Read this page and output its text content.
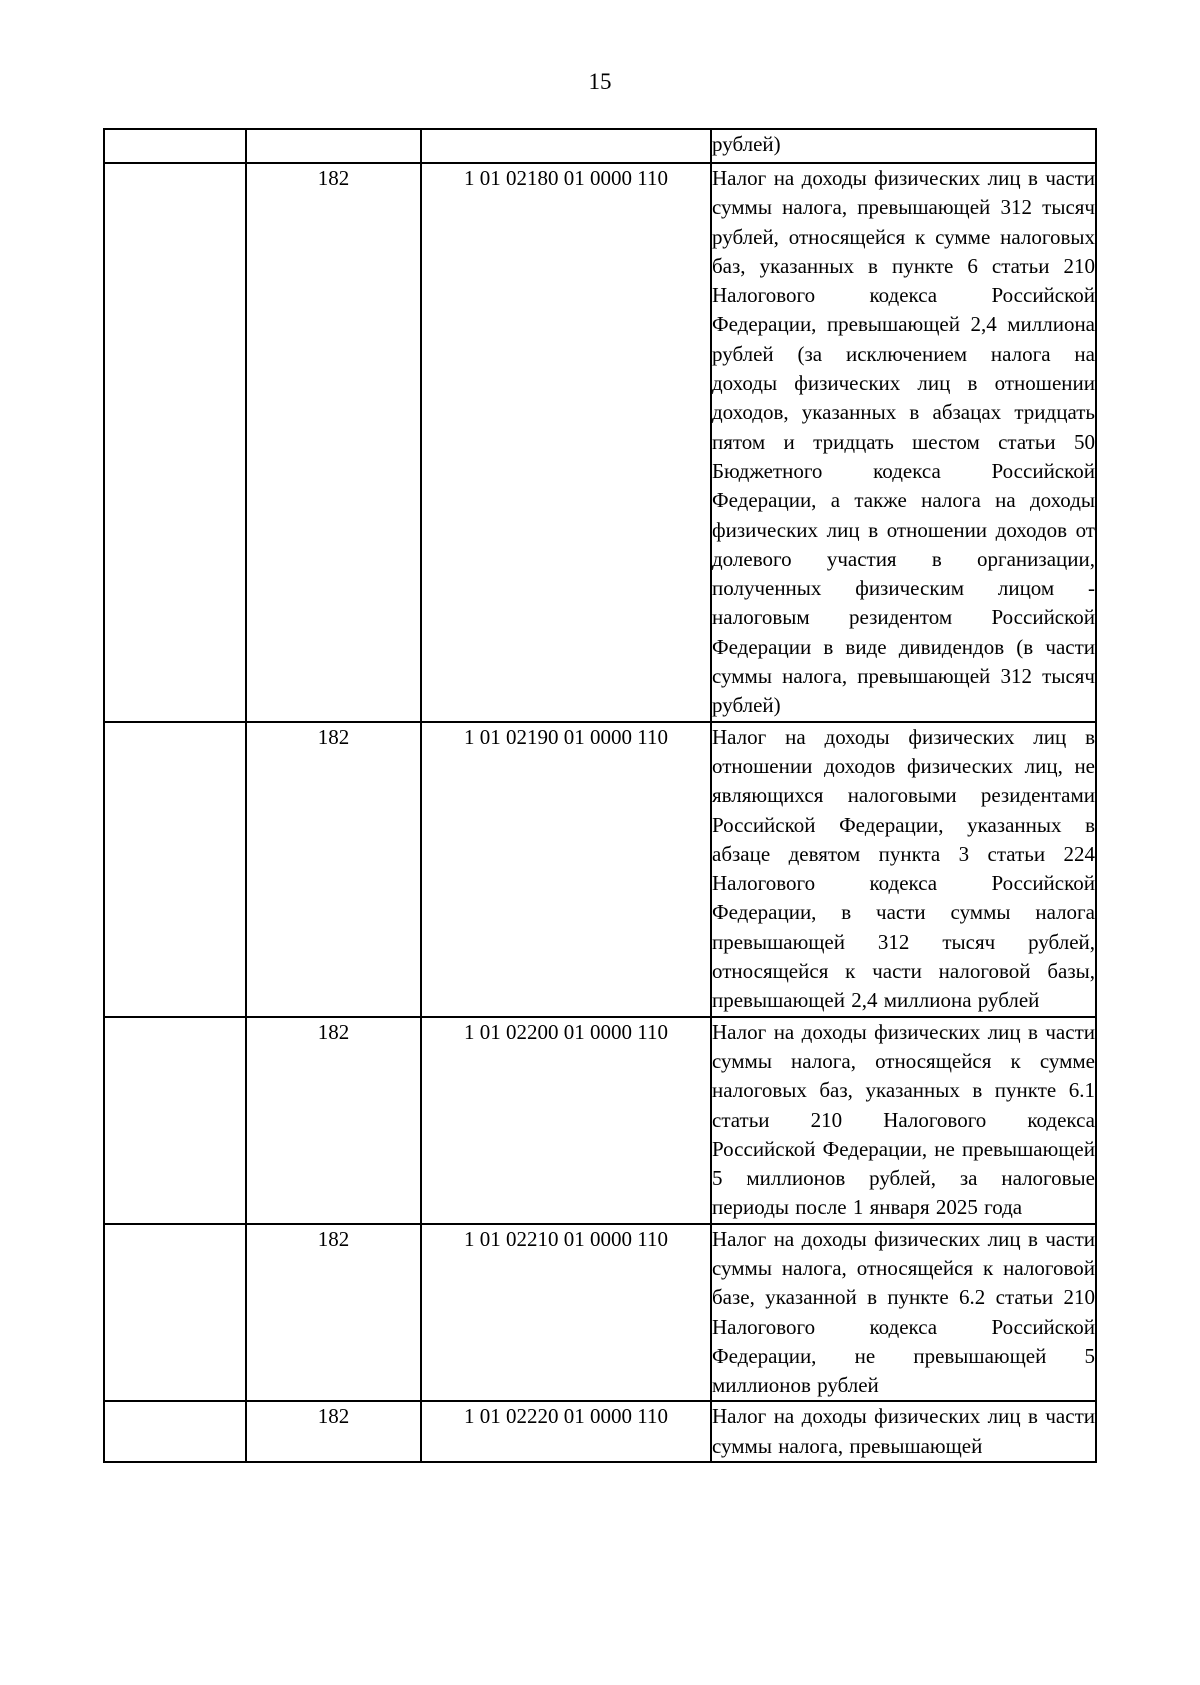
15
			рублей)
	182	1 01 02180 01 0000 110	Налог на доходы физических лиц в части суммы налога, превышающей 312 тысяч рублей, относящейся к сумме налоговых баз, указанных в пункте 6 статьи 210 Налогового кодекса Российской Федерации, превышающей 2,4 миллиона рублей (за исключением налога на доходы физических лиц в отношении доходов, указанных в абзацах тридцать пятом и тридцать шестом статьи 50 Бюджетного кодекса Российской Федерации, а также налога на доходы физических лиц в отношении доходов от долевого участия в организации, полученных физическим лицом - налоговым резидентом Российской Федерации в виде дивидендов (в части суммы налога, превышающей 312 тысяч рублей)
	182	1 01 02190 01 0000 110	Налог на доходы физических лиц в отношении доходов физических лиц, не являющихся налоговыми резидентами Российской Федерации, указанных в абзаце девятом пункта 3 статьи 224 Налогового кодекса Российской Федерации, в части суммы налога превышающей 312 тысяч рублей, относящейся к части налоговой базы, превышающей 2,4 миллиона рублей
	182	1 01 02200 01 0000 110	Налог на доходы физических лиц в части суммы налога, относящейся к сумме налоговых баз, указанных в пункте 6.1 статьи 210 Налогового кодекса Российской Федерации, не превышающей 5 миллионов рублей, за налоговые периоды после 1 января 2025 года
	182	1 01 02210 01 0000 110	Налог на доходы физических лиц в части суммы налога, относящейся к налоговой базе, указанной в пункте 6.2 статьи 210 Налогового кодекса Российской Федерации, не превышающей 5 миллионов рублей
	182	1 01 02220 01 0000 110	Налог на доходы физических лиц в части суммы налога, превышающей
